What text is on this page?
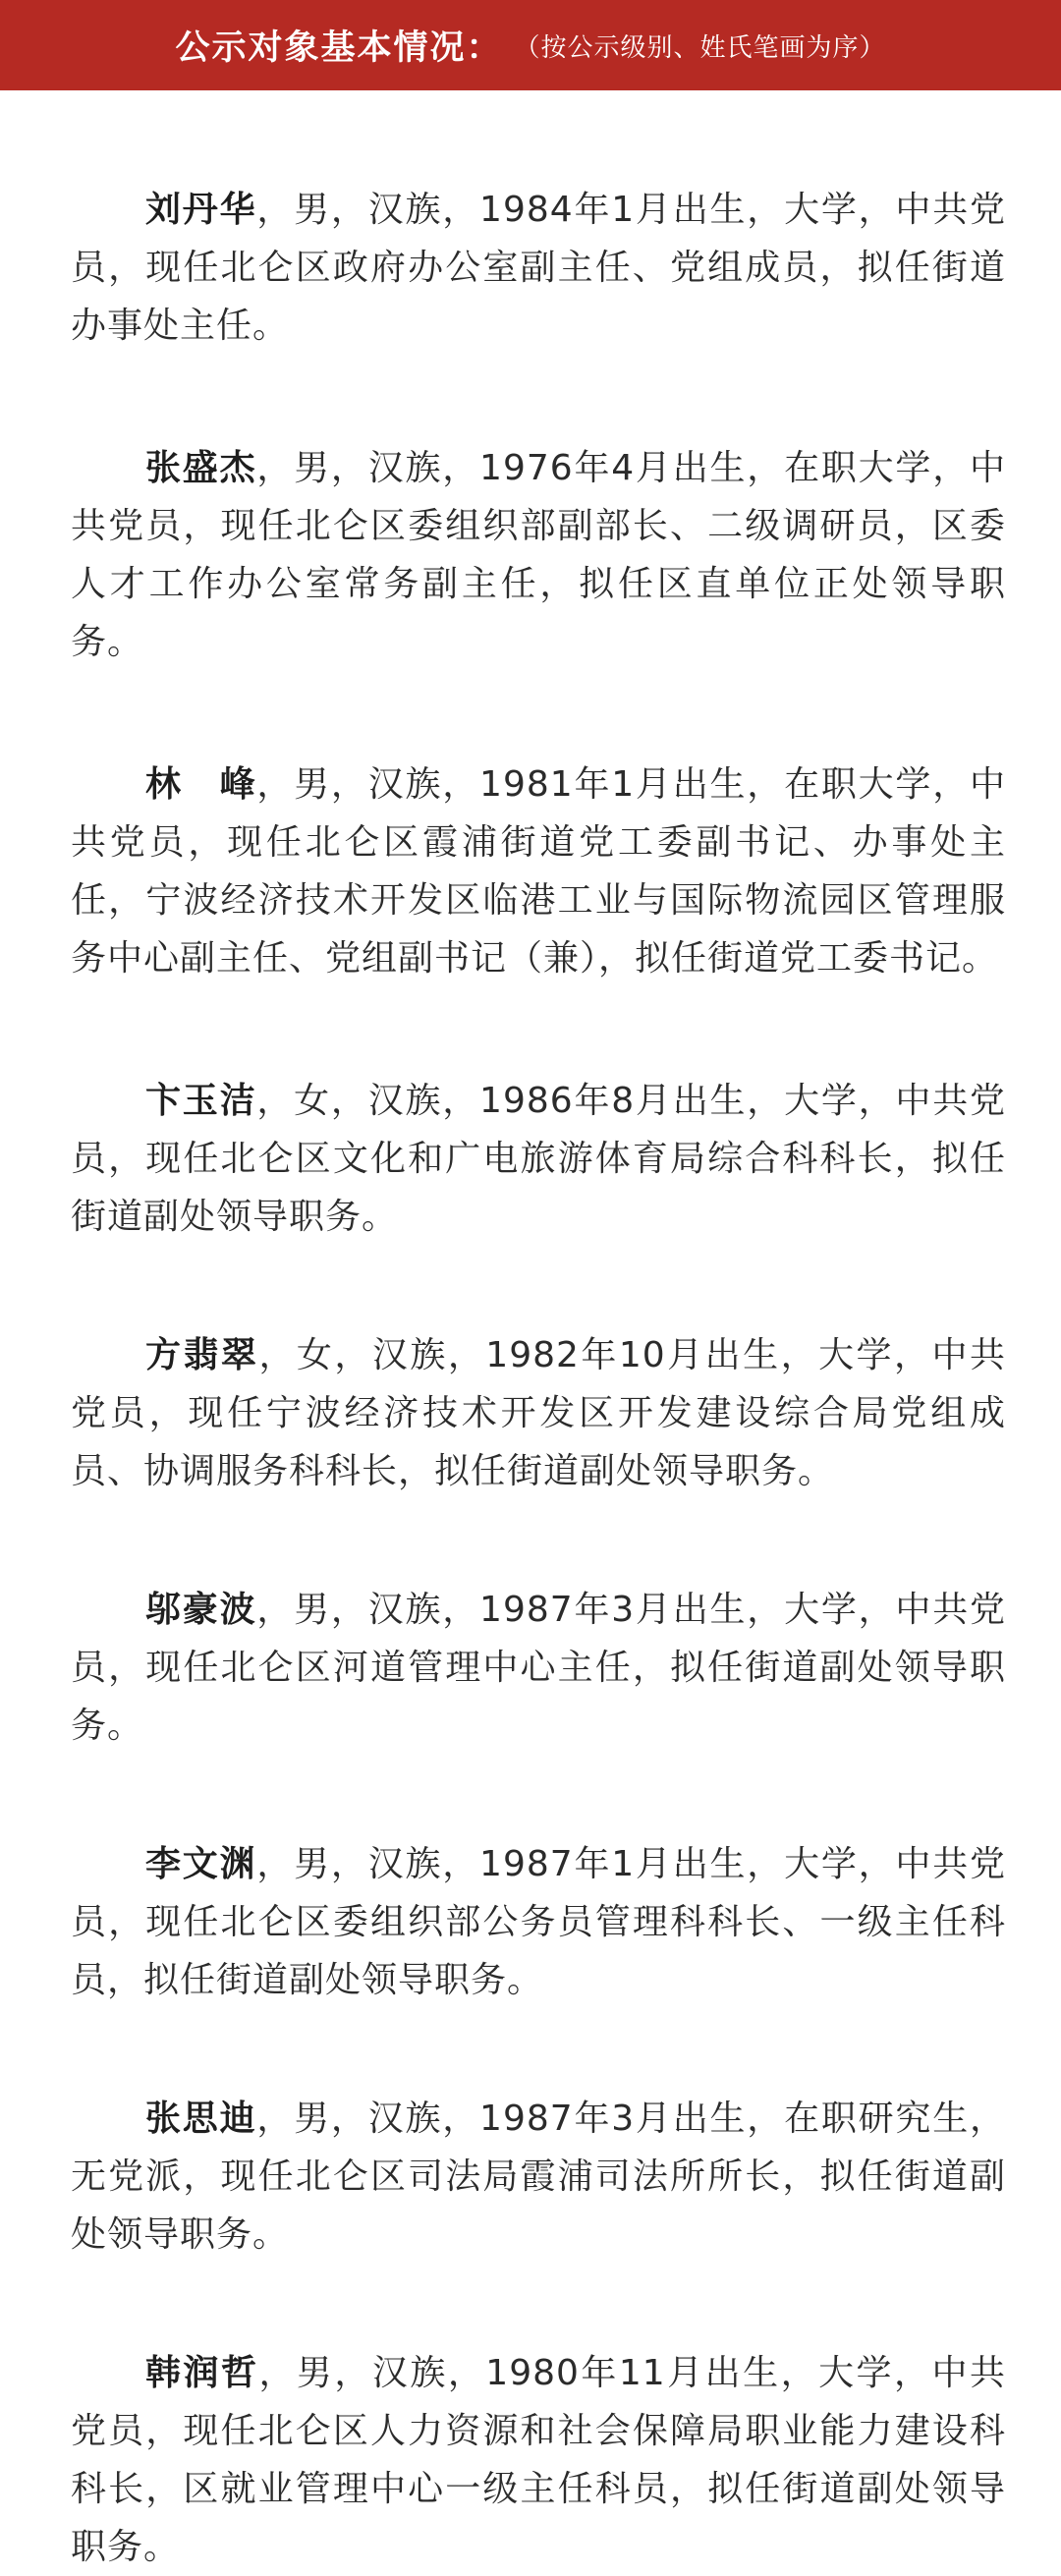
公示对象基本情况： （按公示级别、姓氏笔画为序）

刘丹华，男，汉族，1984年1月出生，大学，中共党员，现任北仑区政府办公室副主任、党组成员，拟任街道办事处主任。

张盛杰，男，汉族，1976年4月出生，在职大学，中共党员，现任北仑区委组织部副部长、二级调研员，区委人才工作办公室常务副主任，拟任区直单位正处领导职务。

林　峰，男，汉族，1981年1月出生，在职大学，中共党员，现任北仑区霞浦街道党工委副书记、办事处主任，宁波经济技术开发区临港工业与国际物流园区管理服务中心副主任、党组副书记（兼），拟任街道党工委书记。

卞玉洁，女，汉族，1986年8月出生，大学，中共党员，现任北仑区文化和广电旅游体育局综合科科长，拟任街道副处领导职务。

方翡翠，女，汉族，1982年10月出生，大学，中共党员，现任宁波经济技术开发区开发建设综合局党组成员、协调服务科科长，拟任街道副处领导职务。

邬豪波，男，汉族，1987年3月出生，大学，中共党员，现任北仑区河道管理中心主任，拟任街道副处领导职务。

李文渊，男，汉族，1987年1月出生，大学，中共党员，现任北仑区委组织部公务员管理科科长、一级主任科员，拟任街道副处领导职务。

张思迪，男，汉族，1987年3月出生，在职研究生，无党派，现任北仑区司法局霞浦司法所所长，拟任街道副处领导职务。

韩润哲，男，汉族，1980年11月出生，大学，中共党员，现任北仑区人力资源和社会保障局职业能力建设科科长，区就业管理中心一级主任科员，拟任街道副处领导职务。
